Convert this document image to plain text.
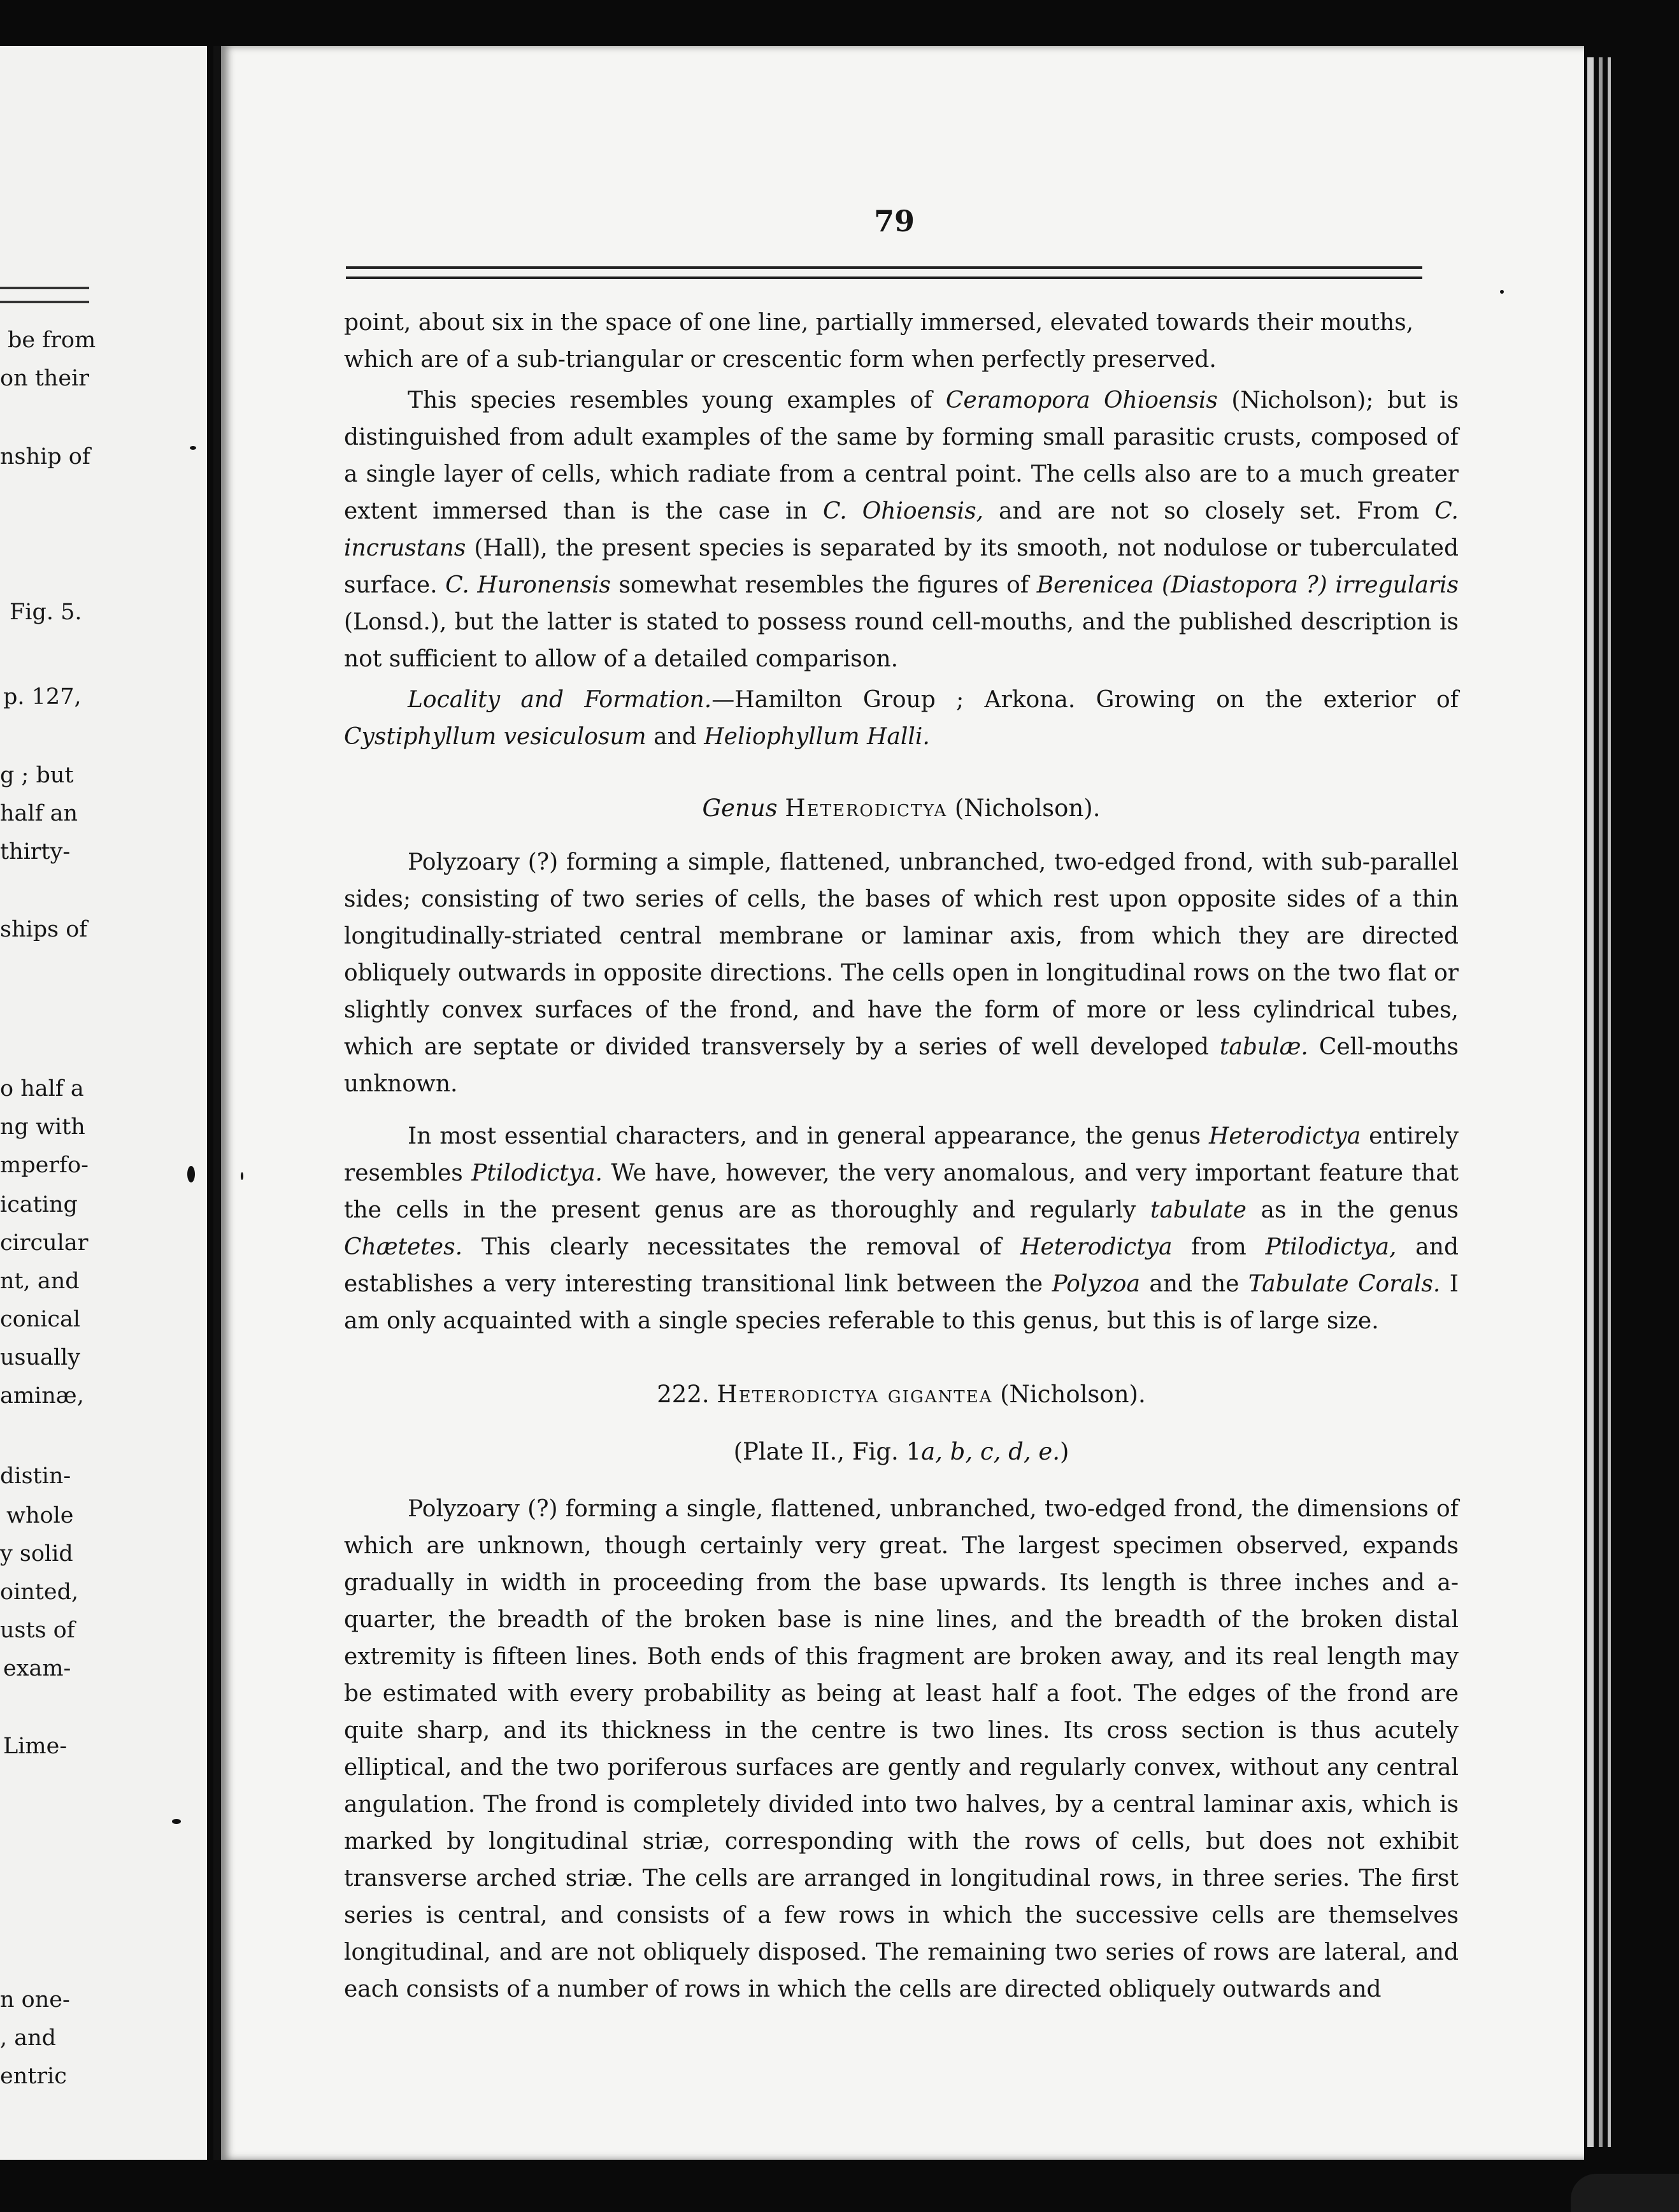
be from
on their
nship of
Fig. 5.
p. 127,
g ; but
half an
thirty-
ships of
o half a
ng with
mperfo-
icating
circular
nt, and
conical
usually
aminæ,
distin-
whole
y solid
ointed,
usts of
exam-
Lime-
n one-
, and
entric
79

point, about six in the space of one line, partially immersed, elevated towards their mouths,

which are of a sub-triangular or crescentic form when perfectly preserved.

This species resembles young examples of Ceramopora Ohioensis (Nicholson); but is distinguished from adult examples of the same by forming small parasitic crusts, composed of a single layer of cells, which radiate from a central point. The cells also are to a much greater extent immersed than is the case in C. Ohioensis, and are not so closely set. From C. incrustans (Hall), the present species is separated by its smooth, not nodulose or tuberculated surface. C. Huronensis somewhat resembles the figures of Berenicea (Diastopora ?) irregularis (Lonsd.), but the latter is stated to possess round cell-mouths, and the published description is not sufficient to allow of a detailed comparison.

Locality and Formation.—Hamilton Group ; Arkona. Growing on the exterior of Cystiphyllum vesiculosum and Heliophyllum Halli.

Genus Heterodictya (Nicholson).

Polyzoary (?) forming a simple, flattened, unbranched, two-edged frond, with sub-parallel sides; consisting of two series of cells, the bases of which rest upon opposite sides of a thin longitudinally-striated central membrane or laminar axis, from which they are directed obliquely outwards in opposite directions. The cells open in longitudinal rows on the two flat or slightly convex surfaces of the frond, and have the form of more or less cylindrical tubes, which are septate or divided transversely by a series of well developed tabulæ. Cell-mouths unknown.

In most essential characters, and in general appearance, the genus Heterodictya entirely resembles Ptilodictya. We have, however, the very anomalous, and very important feature that the cells in the present genus are as thoroughly and regularly tabulate as in the genus Chætetes. This clearly necessitates the removal of Heterodictya from Ptilodictya, and establishes a very interesting transitional link between the Polyzoa and the Tabulate Corals. I am only acquainted with a single species referable to this genus, but this is of large size.

222. Heterodictya gigantea (Nicholson).

(Plate II., Fig. 1a, b, c, d, e.)

Polyzoary (?) forming a single, flattened, unbranched, two-edged frond, the dimensions of which are unknown, though certainly very great. The largest specimen observed, expands gradually in width in proceeding from the base upwards. Its length is three inches and a-quarter, the breadth of the broken base is nine lines, and the breadth of the broken distal extremity is fifteen lines. Both ends of this fragment are broken away, and its real length may be estimated with every probability as being at least half a foot. The edges of the frond are quite sharp, and its thickness in the centre is two lines. Its cross section is thus acutely elliptical, and the two poriferous surfaces are gently and regularly convex, without any central angulation. The frond is completely divided into two halves, by a central laminar axis, which is marked by longitudinal striæ, corresponding with the rows of cells, but does not exhibit transverse arched striæ. The cells are arranged in longitudinal rows, in three series. The first series is central, and consists of a few rows in which the successive cells are themselves longitudinal, and are not obliquely disposed. The remaining two series of rows are lateral, and each consists of a number of rows in which the cells are directed obliquely outwards and
